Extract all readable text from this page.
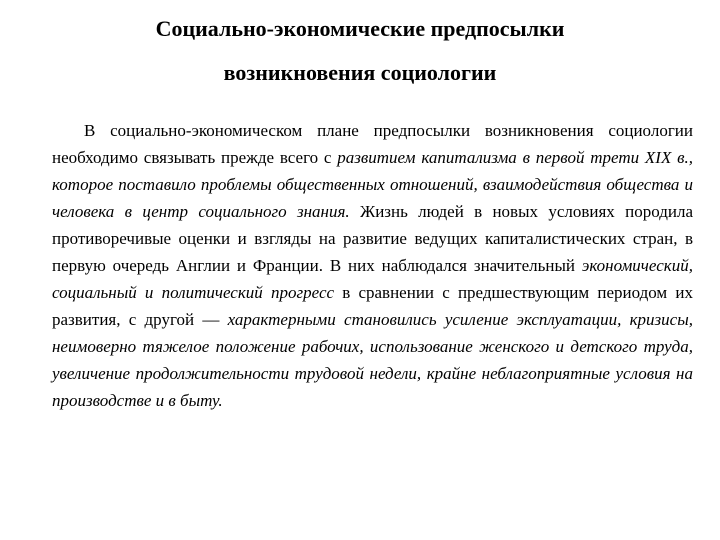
Социально-экономические предпосылки
возникновения социологии

В социально-экономическом плане предпосылки возникновения социологии необходимо связывать прежде всего с развитием капитализма в первой трети XIX в., которое поставило проблемы общественных отношений, взаимодействия общества и человека в центр социального знания. Жизнь людей в новых условиях породила противоречивые оценки и взгляды на развитие ведущих капиталистических стран, в первую очередь Англии и Франции. В них наблюдался значительный экономический, социальный и политический прогресс в сравнении с предшествующим периодом их развития, с другой — характерными становились усиление эксплуатации, кризисы, неимоверно тяжелое положение рабочих, использование женского и детского труда, увеличение продолжительности трудовой недели, крайне неблагоприятные условия на производстве и в быту.
